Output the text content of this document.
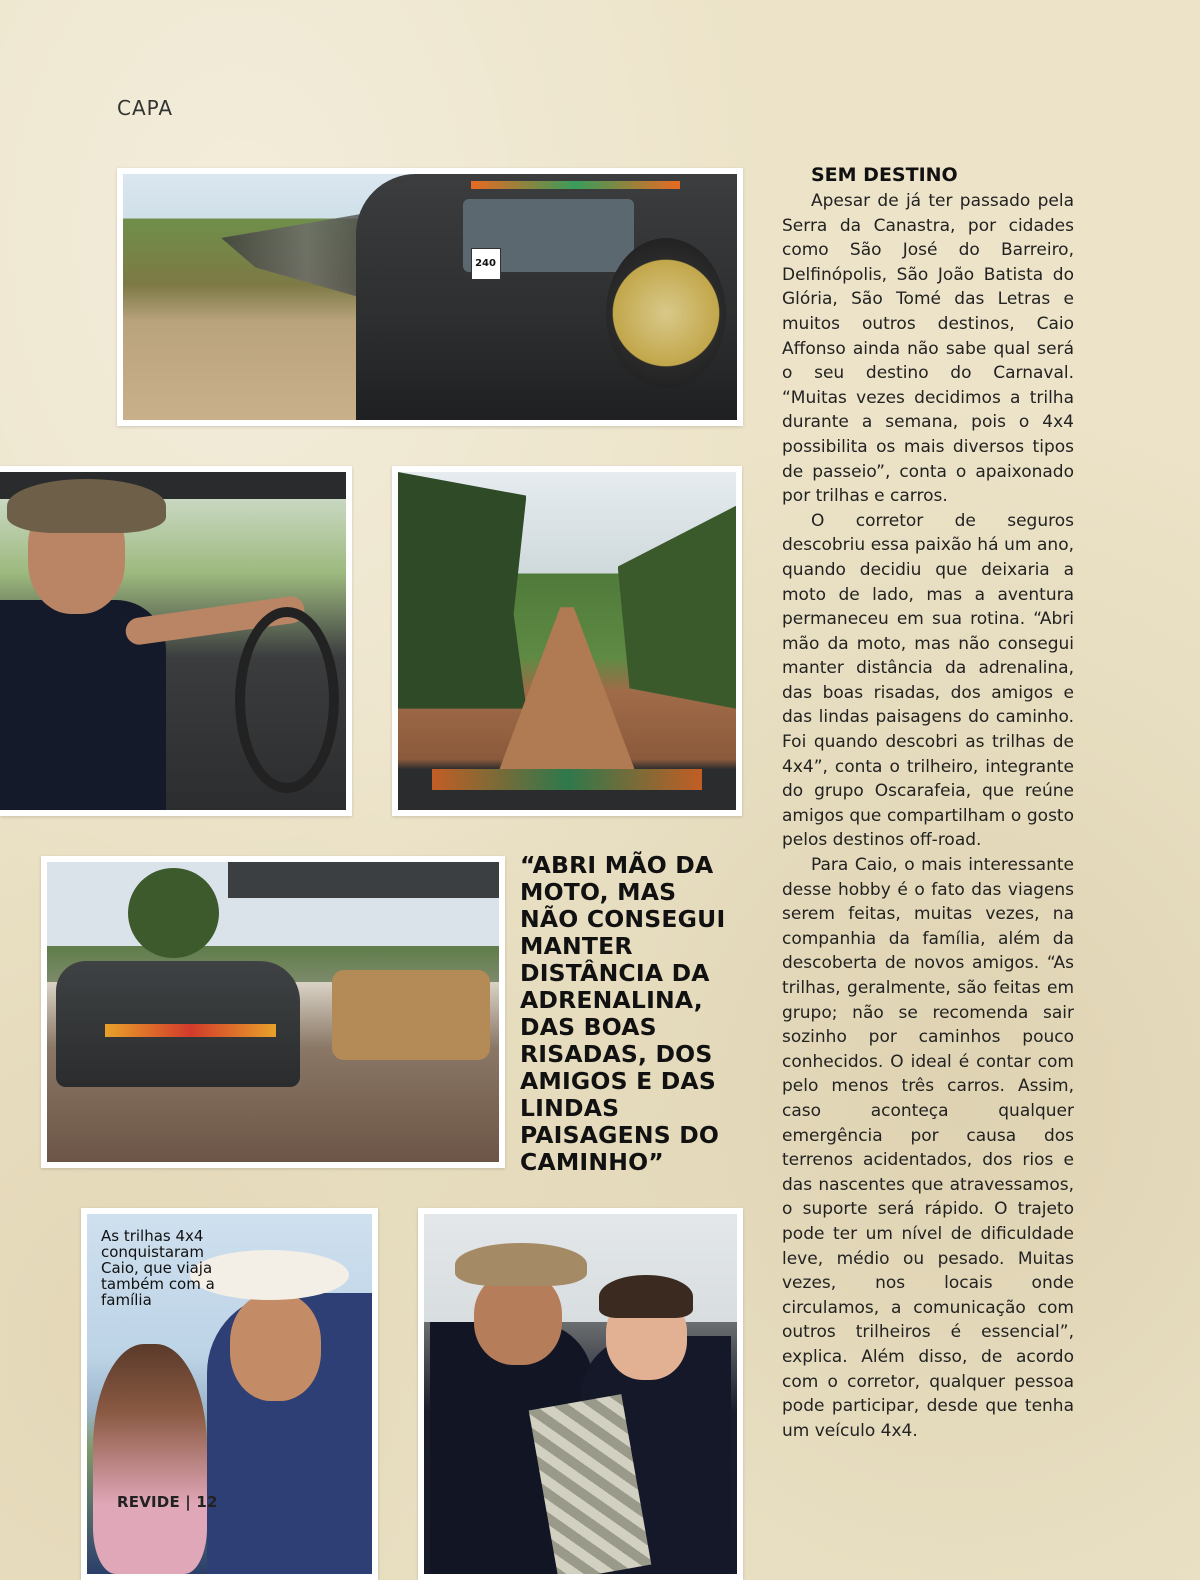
CAPA
240
“ABRI MÃO DA MOTO, MAS NÃO CONSEGUI MANTER DISTÂNCIA DA ADRENALINA, DAS BOAS RISADAS, DOS AMIGOS E DAS LINDAS PAISAGENS DO CAMINHO”
As trilhas 4x4 conquistaram Caio, que viaja também com a família
REVIDE | 12
SEM DESTINO

Apesar de já ter passado pela Serra da Canastra, por cidades como São José do Barreiro, Delfinópolis, São João Batista do Glória, São Tomé das Letras e muitos outros destinos, Caio Affonso ainda não sabe qual será o seu destino do Carnaval. “Muitas vezes decidimos a trilha durante a semana, pois o 4x4 possibilita os mais diversos tipos de passeio”, conta o apaixonado por trilhas e carros.

O corretor de seguros descobriu essa paixão há um ano, quando decidiu que deixaria a moto de lado, mas a aventura permaneceu em sua rotina. “Abri mão da moto, mas não consegui manter distância da adrenalina, das boas risadas, dos amigos e das lindas paisagens do caminho. Foi quando descobri as trilhas de 4x4”, conta o trilheiro, integrante do grupo Oscarafeia, que reúne amigos que compartilham o gosto pelos destinos off-road.

Para Caio, o mais interessante desse hobby é o fato das viagens serem feitas, muitas vezes, na companhia da família, além da descoberta de novos amigos. “As trilhas, geralmente, são feitas em grupo; não se recomenda sair sozinho por caminhos pouco conhecidos. O ideal é contar com pelo menos três carros. Assim, caso aconteça qualquer emergência por causa dos terrenos acidentados, dos rios e das nascentes que atravessamos, o suporte será rápido. O trajeto pode ter um nível de dificuldade leve, médio ou pesado. Muitas vezes, nos locais onde circulamos, a comunicação com outros trilheiros é essencial”, explica. Além disso, de acordo com o corretor, qualquer pessoa pode participar, desde que tenha um veículo 4x4.
